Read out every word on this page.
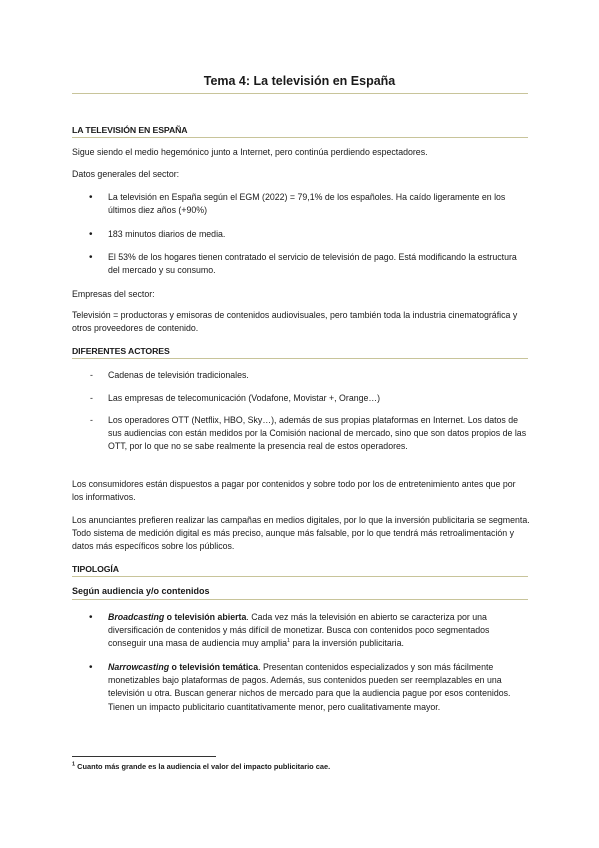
Tema 4: La televisión en España
LA TELEVISIÓN EN ESPAÑA
Sigue siendo el medio hegemónico junto a Internet, pero continúa perdiendo espectadores.
Datos generales del sector:
• La televisión en España según el EGM (2022) = 79,1% de los españoles. Ha caído ligeramente en los últimos diez años (+90%)
• 183 minutos diarios de media.
• El 53% de los hogares tienen contratado el servicio de televisión de pago. Está modificando la estructura del mercado y su consumo.
Empresas del sector:
Televisión = productoras y emisoras de contenidos audiovisuales, pero también toda la industria cinematográfica y otros proveedores de contenido.
DIFERENTES ACTORES
- Cadenas de televisión tradicionales.
- Las empresas de telecomunicación (Vodafone, Movistar +, Orange…)
- Los operadores OTT (Netflix, HBO, Sky…), además de sus propias plataformas en Internet. Los datos de sus audiencias con están medidos por la Comisión nacional de mercado, sino que son datos propios de las OTT, por lo que no se sabe realmente la presencia real de estos operadores.
Los consumidores están dispuestos a pagar por contenidos y sobre todo por los de entretenimiento antes que por los informativos.
Los anunciantes prefieren realizar las campañas en medios digitales, por lo que la inversión publicitaria se segmenta. Todo sistema de medición digital es más preciso, aunque más falsable, por lo que tendrá más retroalimentación y datos más específicos sobre los públicos.
TIPOLOGÍA
Según audiencia y/o contenidos
• Broadcasting o televisión abierta. Cada vez más la televisión en abierto se caracteriza por una diversificación de contenidos y más difícil de monetizar. Busca con contenidos poco segmentados conseguir una masa de audiencia muy amplia$^1$ para la inversión publicitaria.
• Narrowcasting o televisión temática. Presentan contenidos especializados y son más fácilmente monetizables bajo plataformas de pagos. Además, sus contenidos pueden ser reemplazables en una televisión u otra. Buscan generar nichos de mercado para que la audiencia pague por esos contenidos. Tienen un impacto publicitario cuantitativamente menor, pero cualitativamente mayor.
$^1$ Cuanto más grande es la audiencia el valor del impacto publicitario cae.
